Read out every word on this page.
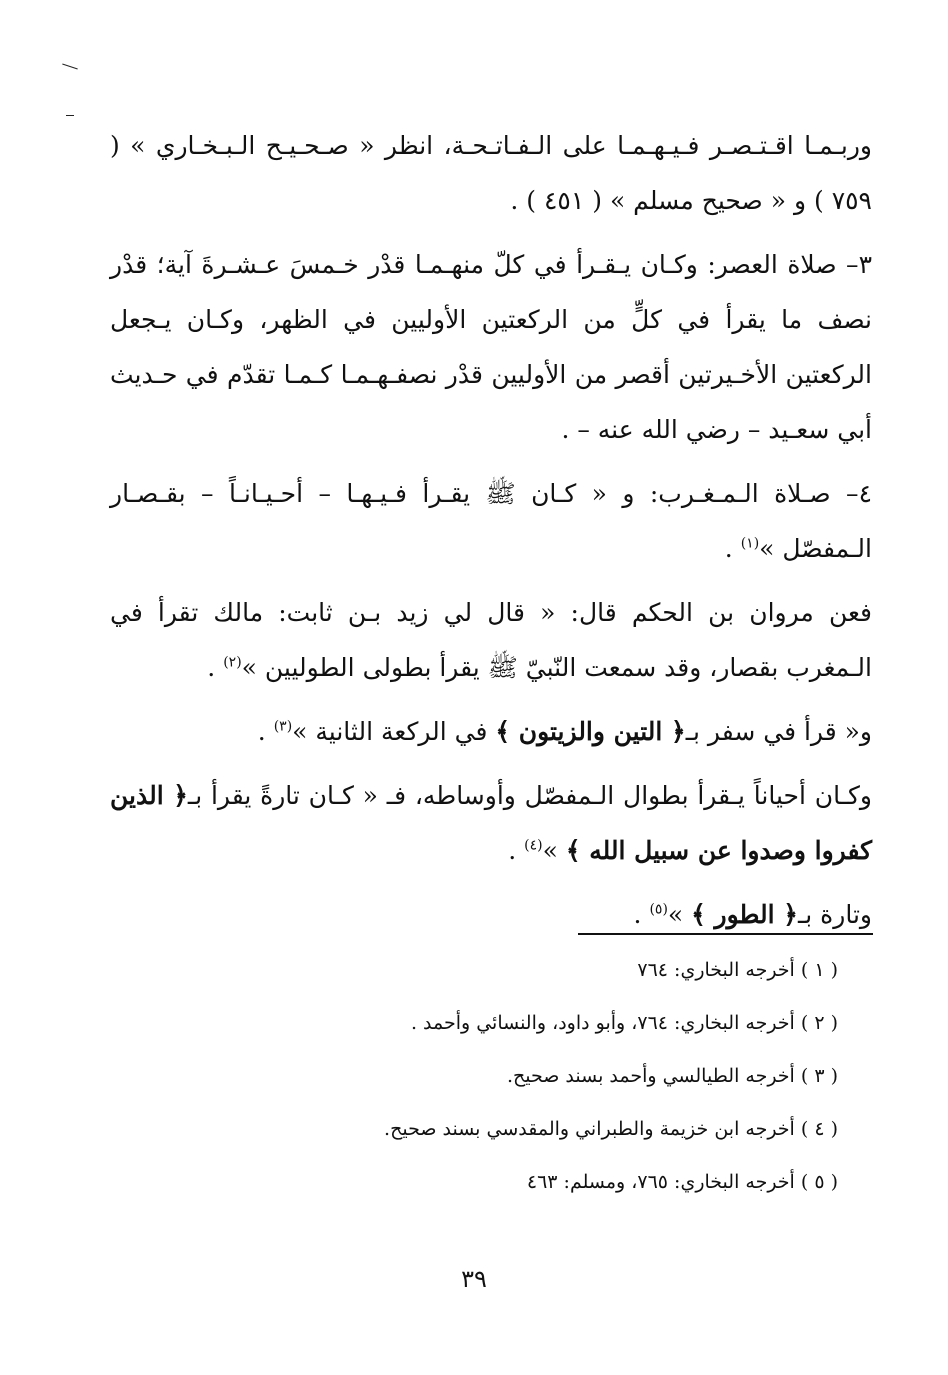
وربـمـا اقـتـصـر فـيـهـمـا على الـفـاتـحـة، انظر « صـحـيـح الـبـخـاري » ( ٧٥٩ ) و « صحيح مسلم » ( ٤٥١ ) .

٣– صلاة العصر: وكـان يـقـرأ في كلّ منهـمـا قدْر خـمسَ عـشـرةَ آية؛ قدْر نصف ما يقرأ في كلٍّ من الركعتين الأوليين في الظهر، وكـان يـجعل الركعتين الأخـيرتين أقصر من الأوليين قدْر نصفـهـمـا كـمـا تقدّم في حـديث أبي سعـيد – رضي الله عنه – .

٤– صـلاة الـمـغـرب: و « كـان ﷺ يقـرأ فـيـهـا – أحـيـانـاً – بقـصـار الـمفصّل »$^{(١)}$ .

فعن مروان بن الحكم قال: « قال لي زيد بـن ثابت: مالك تقرأ في الـمغرب بقصار، وقد سمعت النّبيّ ﷺ يقرأ بطولى الطوليين »$^{(٢)}$ .

و« قرأ في سفر بـ﴿ التين والزيتون ﴾ في الركعة الثانية »$^{(٣)}$ .

وكـان أحياناً يـقرأ بطوال الـمفصّل وأوساطه، فـ « كـان تارةً يقرأ بـ﴿ الذين كفروا وصدوا عن سبيل الله ﴾ »$^{(٤)}$ .

وتارة بـ﴿ الطور ﴾ »$^{(٥)}$ .

( ١ ) أخرجه البخاري: ٧٦٤
( ٢ ) أخرجه البخاري: ٧٦٤، وأبو داود، والنسائي وأحمد .
( ٣ ) أخرجه الطيالسي وأحمد بسند صحيح.
( ٤ ) أخرجه ابن خزيمة والطبراني والمقدسي بسند صحيح.
( ٥ ) أخرجه البخاري: ٧٦٥، ومسلم: ٤٦٣
٣٩
